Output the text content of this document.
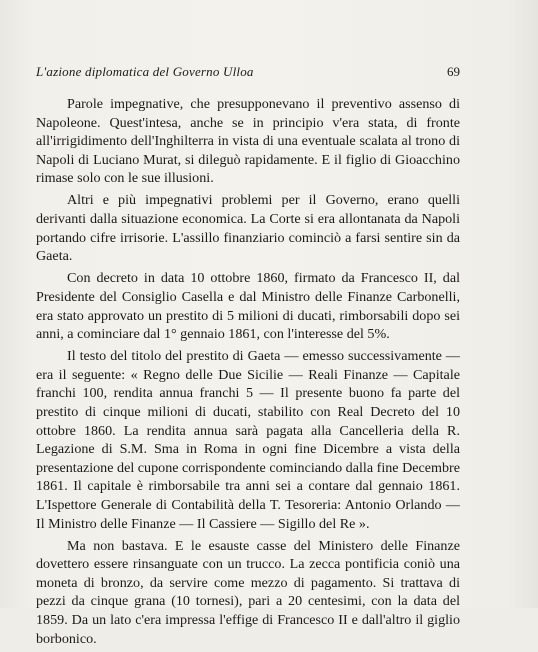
L'azione diplomatica del Governo Ulloa	69

Parole impegnative, che presupponevano il preventivo assenso di Napoleone. Quest'intesa, anche se in principio v'era stata, di fronte all'irrigidimento dell'Inghilterra in vista di una eventuale scalata al trono di Napoli di Luciano Murat, si dileguò rapidamente. E il figlio di Gioacchino rimase solo con le sue illusioni.

Altri e più impegnativi problemi per il Governo, erano quelli derivanti dalla situazione economica. La Corte si era allontanata da Napoli portando cifre irrisorie. L'assillo finanziario cominciò a farsi sentire sin da Gaeta.

Con decreto in data 10 ottobre 1860, firmato da Francesco II, dal Presidente del Consiglio Casella e dal Ministro delle Finanze Carbonelli, era stato approvato un prestito di 5 milioni di ducati, rimborsabili dopo sei anni, a cominciare dal 1° gennaio 1861, con l'interesse del 5%.

Il testo del titolo del prestito di Gaeta — emesso successivamente — era il seguente: « Regno delle Due Sicilie — Reali Finanze — Capitale franchi 100, rendita annua franchi 5 — Il presente buono fa parte del prestito di cinque milioni di ducati, stabilito con Real Decreto del 10 ottobre 1860. La rendita annua sarà pagata alla Cancelleria della R. Legazione di S.M. Sma in Roma in ogni fine Dicembre a vista della presentazione del cupone corrispondente cominciando dalla fine Decembre 1861. Il capitale è rimborsabile tra anni sei a contare dal gennaio 1861. L'Ispettore Generale di Contabilità della T. Tesoreria: Antonio Orlando — Il Ministro delle Finanze — Il Cassiere — Sigillo del Re ».

Ma non bastava. E le esauste casse del Ministero delle Finanze dovettero essere rinsanguate con un trucco. La zecca pontificia coniò una moneta di bronzo, da servire come mezzo di pagamento. Si trattava di pezzi da cinque grana (10 tornesi), pari a 20 centesimi, con la data del 1859. Da un lato c'era impressa l'effige di Francesco II e dall'altro il giglio borbonico.
